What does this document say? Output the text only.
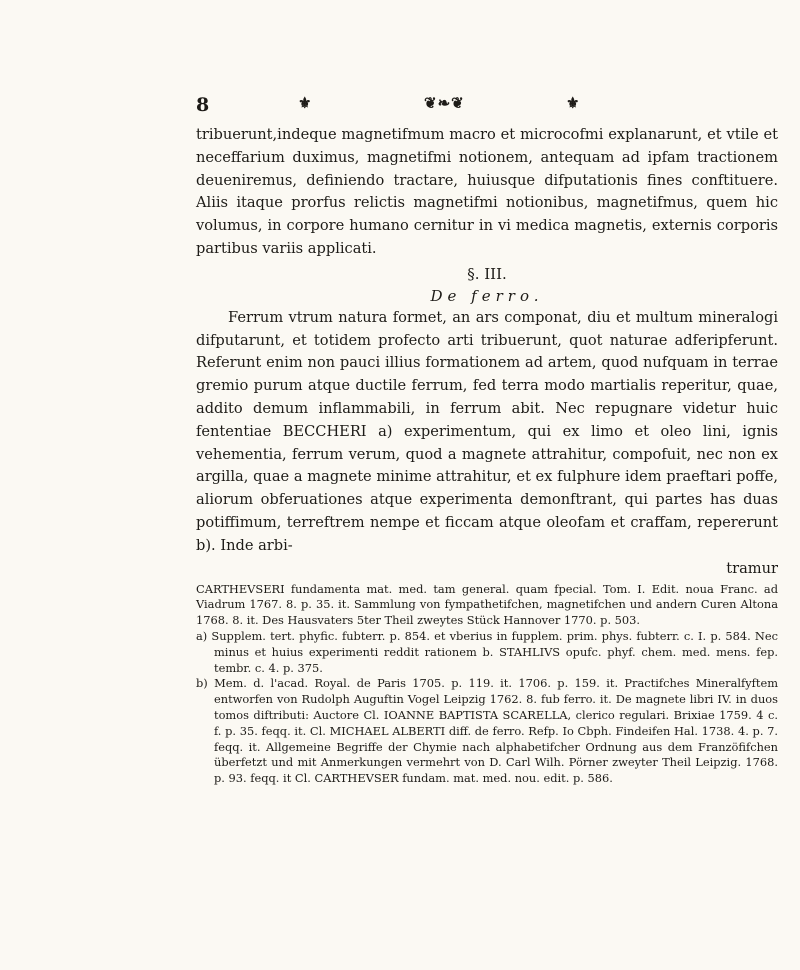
8	⚜	❦❧❦	⚜

tribuerunt,indeque magnetifmum macro et microcofmi explanarunt, et vtile et neceffarium duximus, magnetifmi notionem, antequam ad ipfam tractionem deueniremus, definiendo tractare, huiusque difputationis fines conftituere. Aliis itaque prorfus relictis magnetifmi notionibus, magnetifmus, quem hic volumus, in corpore humano cernitur in vi medica magnetis, externis corporis partibus variis applicati.

§. III.

De ferro.

Ferrum vtrum natura formet, an ars componat, diu et multum mineralogi difputarunt, et totidem profecto arti tribuerunt, quot naturae adferipferunt. Referunt enim non pauci illius formationem ad artem, quod nufquam in terrae gremio purum atque ductile ferrum, fed terra modo martialis reperitur, quae, addito demum inflammabili, in ferrum abit. Nec repugnare videtur huic fententiae BECCHERI a) experimentum, qui ex limo et oleo lini, ignis vehementia, ferrum verum, quod a magnete attrahitur, compofuit, nec non ex argilla, quae a magnete minime attrahitur, et ex fulphure idem praeftari poffe, aliorum obferuationes atque experimenta demonftrant, qui partes has duas potiffimum, terreftrem nempe et ficcam atque oleofam et craffam, repererunt b). Inde arbi-

tramur

CARTHEVSERI fundamenta mat. med. tam general. quam fpecial. Tom. I. Edit. noua Franc. ad Viadrum 1767. 8. p. 35. it. Sammlung von fympathetifchen, magnetifchen und andern Curen Altona 1768. 8. it. Des Hausvaters 5ter Theil zweytes Stück Hannover 1770. p. 503.

a) Supplem. tert. phyfic. fubterr. p. 854. et vberius in fupplem. prim. phys. fubterr. c. I. p. 584. Nec minus et huius experimenti reddit rationem b. STAHLIVS opufc. phyf. chem. med. mens. fep. tembr. c. 4. p. 375.

b) Mem. d. l'acad. Royal. de Paris 1705. p. 119. it. 1706. p. 159. it. Practifches Mineralfyftem entworfen von Rudolph Auguftin Vogel Leipzig 1762. 8. fub ferro. it. De magnete libri IV. in duos tomos diftributi: Auctore Cl. IOANNE BAPTISTA SCARELLA, clerico regulari. Brixiae 1759. 4 c. f. p. 35. feqq. it. Cl. MICHAEL ALBERTI diff. de ferro. Refp. Io Cbph. Findeifen Hal. 1738. 4. p. 7. feqq. it. Allgemeine Begriffe der Chymie nach alphabetifcher Ordnung aus dem Franzöfifchen überfetzt und mit Anmerkungen vermehrt von D. Carl Wilh. Pörner zweyter Theil Leipzig. 1768. p. 93. feqq. it Cl. CARTHEVSER fundam. mat. med. nou. edit. p. 586.
